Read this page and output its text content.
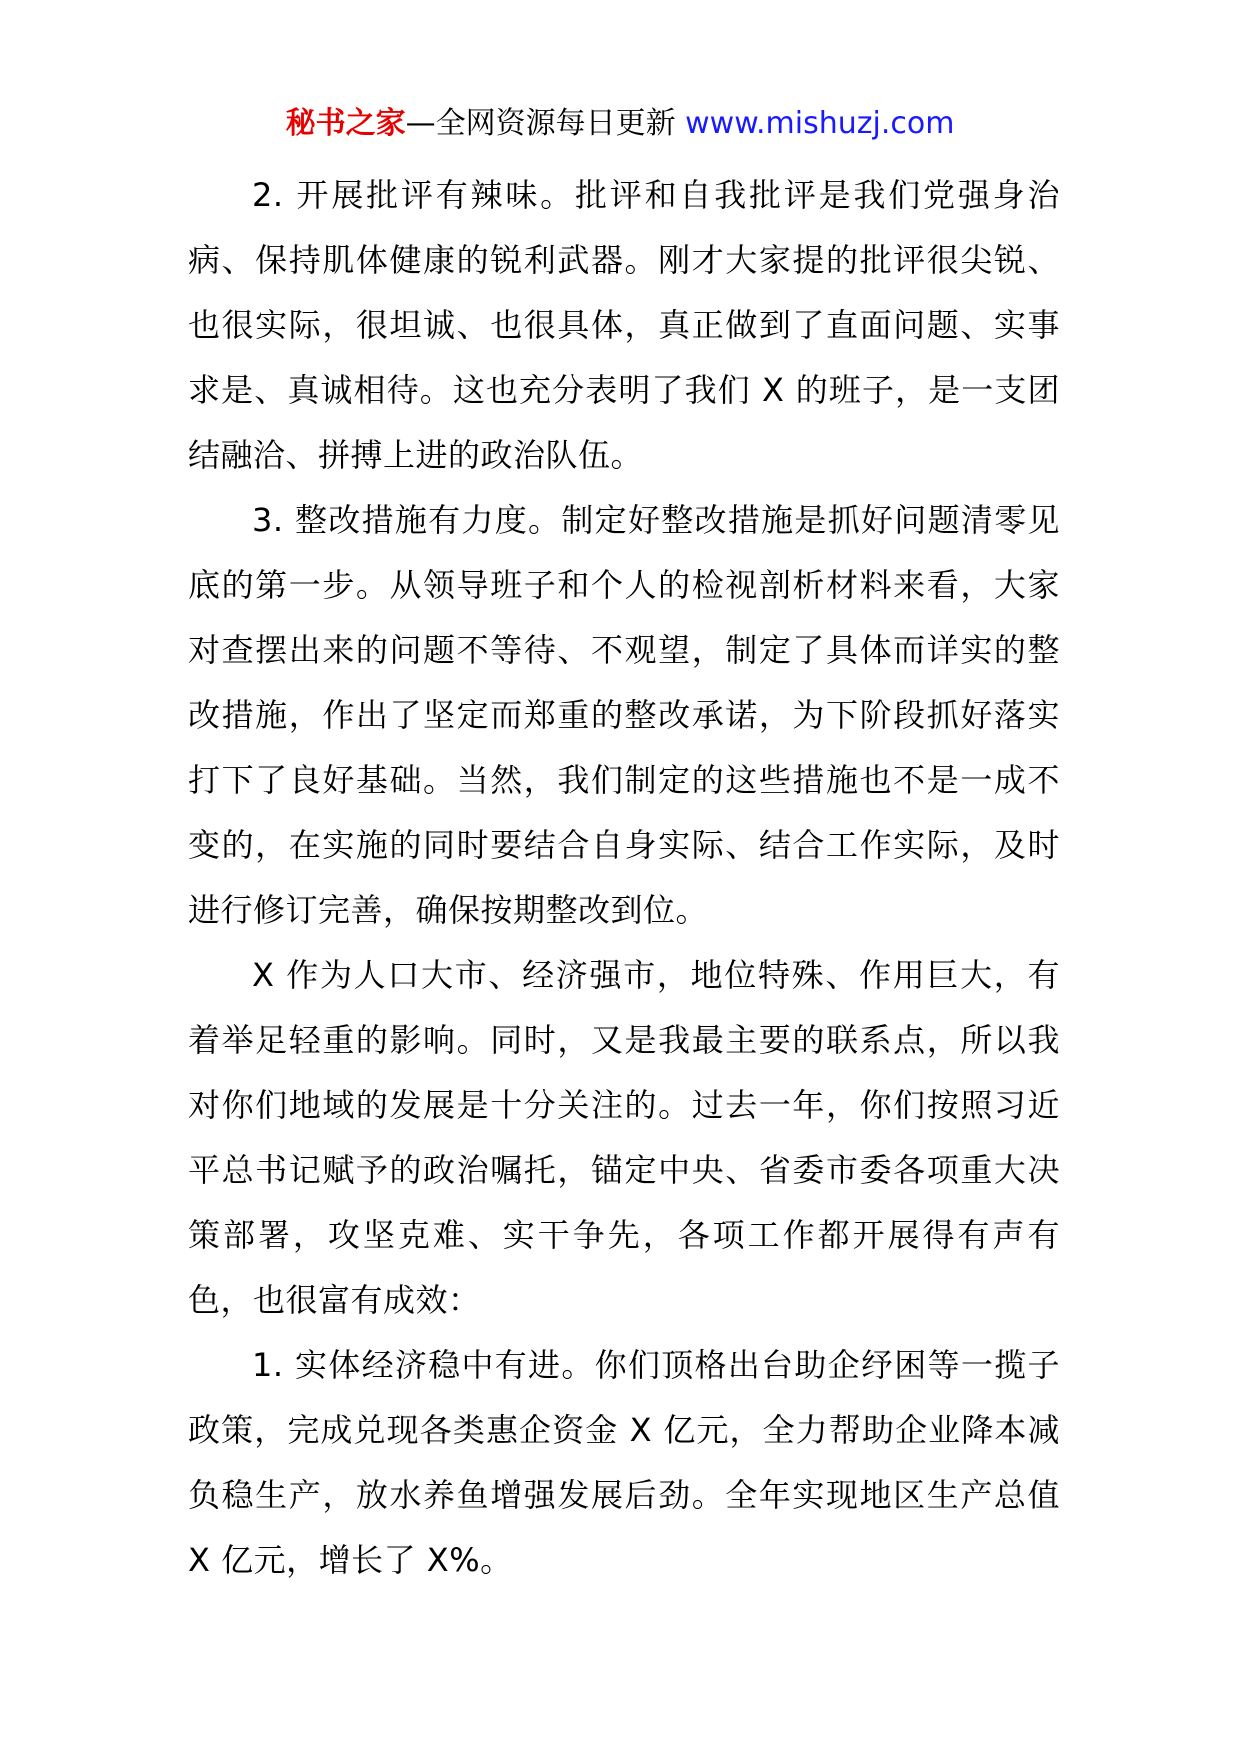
秘书之家—全网资源每日更新 www.mishuzj.com

2. 开展批评有辣味。批评和自我批评是我们党强身治病、保持肌体健康的锐利武器。刚才大家提的批评很尖锐、也很实际，很坦诚、也很具体，真正做到了直面问题、实事求是、真诚相待。这也充分表明了我们 X 的班子，是一支团结融洽、拼搏上进的政治队伍。

3. 整改措施有力度。制定好整改措施是抓好问题清零见底的第一步。从领导班子和个人的检视剖析材料来看，大家对查摆出来的问题不等待、不观望，制定了具体而详实的整改措施，作出了坚定而郑重的整改承诺，为下阶段抓好落实打下了良好基础。当然，我们制定的这些措施也不是一成不变的，在实施的同时要结合自身实际、结合工作实际，及时进行修订完善，确保按期整改到位。

X 作为人口大市、经济强市，地位特殊、作用巨大，有着举足轻重的影响。同时，又是我最主要的联系点，所以我对你们地域的发展是十分关注的。过去一年，你们按照习近平总书记赋予的政治嘱托，锚定中央、省委市委各项重大决策部署，攻坚克难、实干争先，各项工作都开展得有声有色，也很富有成效：

1. 实体经济稳中有进。你们顶格出台助企纾困等一揽子政策，完成兑现各类惠企资金 X 亿元，全力帮助企业降本减负稳生产，放水养鱼增强发展后劲。全年实现地区生产总值 X 亿元，增长了 X%。
